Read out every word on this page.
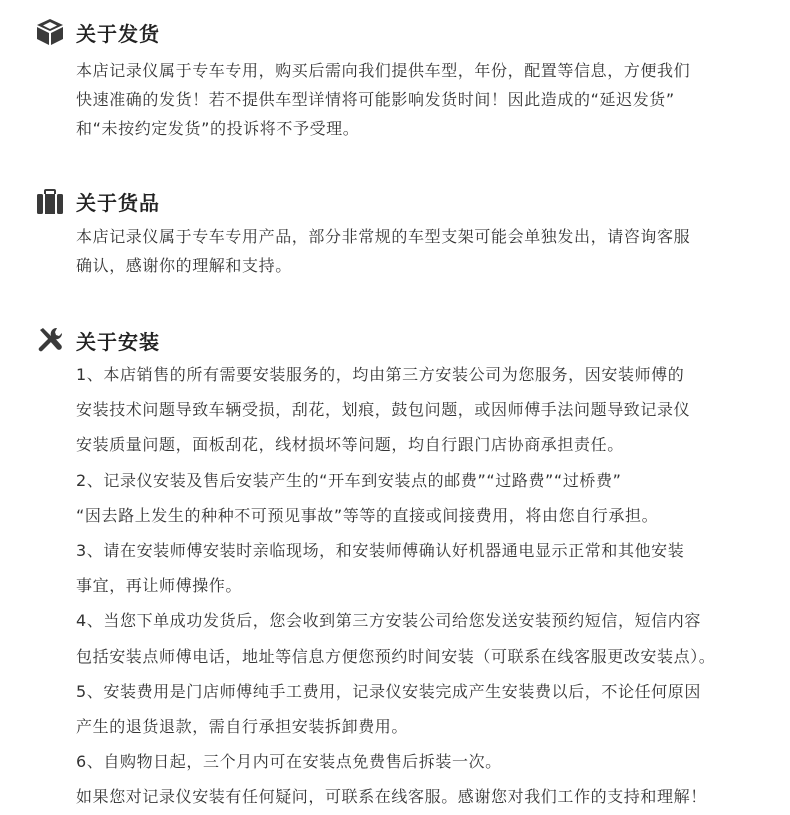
关于发货
本店记录仪属于专车专用，购买后需向我们提供车型，年份，配置等信息，方便我们
快速准确的发货！若不提供车型详情将可能影响发货时间！因此造成的“延迟发货”
和“未按约定发货”的投诉将不予受理。
关于货品
本店记录仪属于专车专用产品，部分非常规的车型支架可能会单独发出，请咨询客服
确认，感谢你的理解和支持。
关于安装
1、本店销售的所有需要安装服务的，均由第三方安装公司为您服务，因安装师傅的
安装技术问题导致车辆受损，刮花，划痕，鼓包问题，或因师傅手法问题导致记录仪
安装质量问题，面板刮花，线材损坏等问题，均自行跟门店协商承担责任。
2、记录仪安装及售后安装产生的“开车到安装点的邮费”“过路费”“过桥费”
“因去路上发生的种种不可预见事故”等等的直接或间接费用，将由您自行承担。
3、请在安装师傅安装时亲临现场，和安装师傅确认好机器通电显示正常和其他安装
事宜，再让师傅操作。
4、当您下单成功发货后，您会收到第三方安装公司给您发送安装预约短信，短信内容
包括安装点师傅电话，地址等信息方便您预约时间安装（可联系在线客服更改安装点）。
5、安装费用是门店师傅纯手工费用，记录仪安装完成产生安装费以后，不论任何原因
产生的退货退款，需自行承担安装拆卸费用。
6、自购物日起，三个月内可在安装点免费售后拆装一次。
如果您对记录仪安装有任何疑问，可联系在线客服。感谢您对我们工作的支持和理解！
